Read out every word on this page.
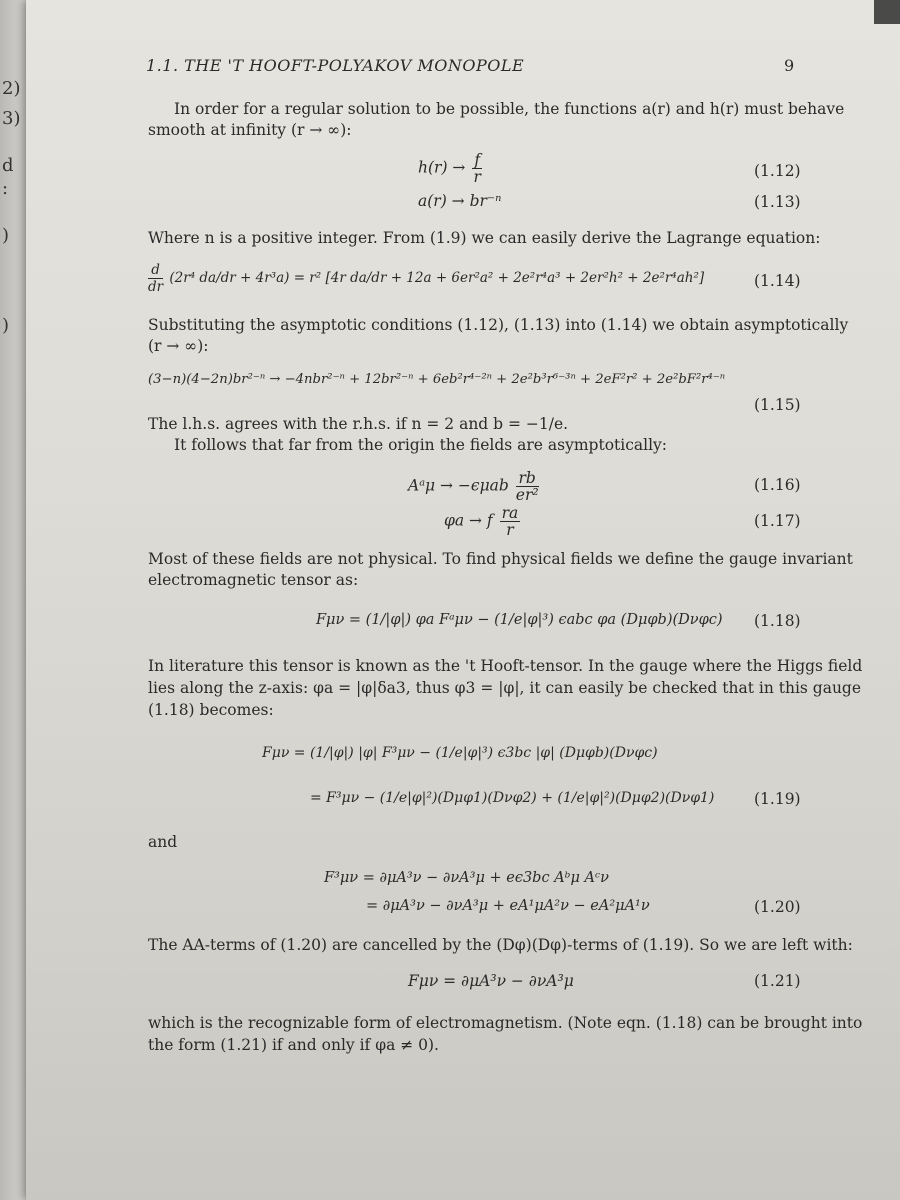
2)
3)
d
:
)
)
1.1. THE 'T HOOFT-POLYAKOV MONOPOLE	9
In order for a regular solution to be possible, the functions a(r) and h(r) must behave
smooth at infinity (r → ∞):
$h(r) \to \frac{f}{r}$	(1.12)
a(r) → br⁻ⁿ	(1.13)
Where n is a positive integer. From (1.9) we can easily derive the Lagrange equation:
$\frac{d}{dr} (2r^4$ da/dr + 4r³a) = r² [4r da/dr + 12a + 6er²a² + 2e²r⁴a³ + 2er²h² + 2e²r⁴ah²]	(1.14)
Substituting the asymptotic conditions (1.12), (1.13) into (1.14) we obtain asymptotically
(r → ∞):
(3−n)(4−2n)br²⁻ⁿ → −4nbr²⁻ⁿ + 12br²⁻ⁿ + 6eb²r⁴⁻²ⁿ + 2e²b³r⁶⁻³ⁿ + 2eF²r² + 2e²bF²r⁴⁻ⁿ
(1.15)
The l.h.s. agrees with the r.h.s. if n = 2 and b = −1/e.
It follows that far from the origin the fields are asymptotically:
Aᵃμ → $-\epsilon\mu ab \frac{rb}{\text{er²}}$	(1.16)
φa → f $\frac{ra}{r}$	(1.17)
Most of these fields are not physical. To find physical fields we define the gauge invariant
electromagnetic tensor as:
Fμν = (1/|φ|) φa Fᵃμν − (1/e|φ|³) ϵabc φa (Dμφb)(Dνφc) (1.18)
In literature this tensor is known as the 't Hooft-tensor. In the gauge where the Higgs field
lies along the z-axis: φa = |φ|δa3, thus φ3 = |φ|, it can easily be checked that in this gauge
(1.18) becomes:
Fμν = (1/|φ|) |φ| F³μν − (1/e|φ|³) ϵ3bc |φ| (Dμφb)(Dνφc)
= F³μν − (1/e|φ|²)(Dμφ1)(Dνφ2) + (1/e|φ|²)(Dμφ2)(Dνφ1)	(1.19)
and
F³μν = ∂μA³ν − ∂νA³μ + eϵ3bc Aᵇμ Aᶜν
= ∂μA³ν − ∂νA³μ + eA¹μA²ν − eA²μA¹ν	(1.20)
The AA-terms of (1.20) are cancelled by the (Dφ)(Dφ)-terms of (1.19). So we are left with:
Fμν = ∂μA³ν − ∂νA³μ	(1.21)
which is the recognizable form of electromagnetism. (Note eqn. (1.18) can be brought into
the form (1.21) if and only if φa ≠ 0).
